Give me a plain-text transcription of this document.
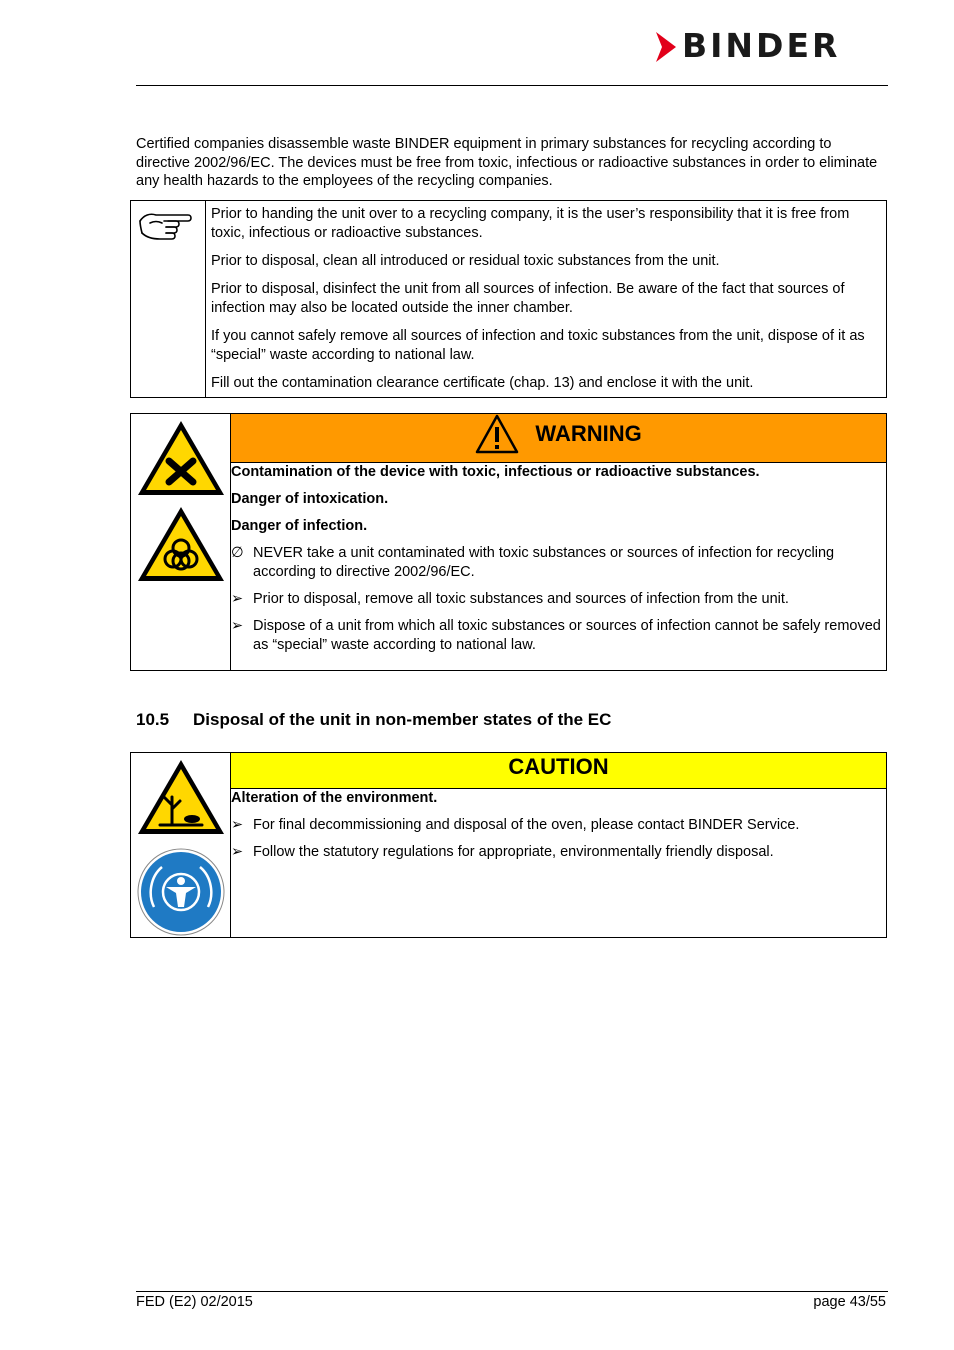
BINDER
Certified companies disassemble waste BINDER equipment in primary substances for recycling according to directive 2002/96/EC. The devices must be free from toxic, infectious or radioactive substances in order to eliminate any health hazards to the employees of the recycling companies.

Prior to handing the unit over to a recycling company, it is the user’s responsibility that it is free from toxic, infectious or radioactive substances.

Prior to disposal, clean all introduced or residual toxic substances from the unit.

Prior to disposal, disinfect the unit from all sources of infection. Be aware of the fact that sources of infection may also be located outside the inner chamber.

If you cannot safely remove all sources of infection and toxic substances from the unit, dispose of it as “special” waste according to national law.

Fill out the contamination clearance certificate (chap. 13) and enclose it with the unit.

	WARNING

Contamination of the device with toxic, infectious or radioactive substances.

Danger of intoxication.

Danger of infection.

∅ NEVER take a unit contaminated with toxic substances or sources of infection for recycling according to directive 2002/96/EC.
➢ Prior to disposal, remove all toxic substances and sources of infection from the unit.
➢ Dispose of a unit from which all toxic substances or sources of infection cannot be safely removed as “special” waste according to national law.
10.5 Disposal of the unit in non-member states of the EC
	CAUTION

Alteration of the environment.

➢ For final decommissioning and disposal of the oven, please contact BINDER Service.
➢ Follow the statutory regulations for appropriate, environmentally friendly disposal.
FED (E2) 02/2015	page 43/55
